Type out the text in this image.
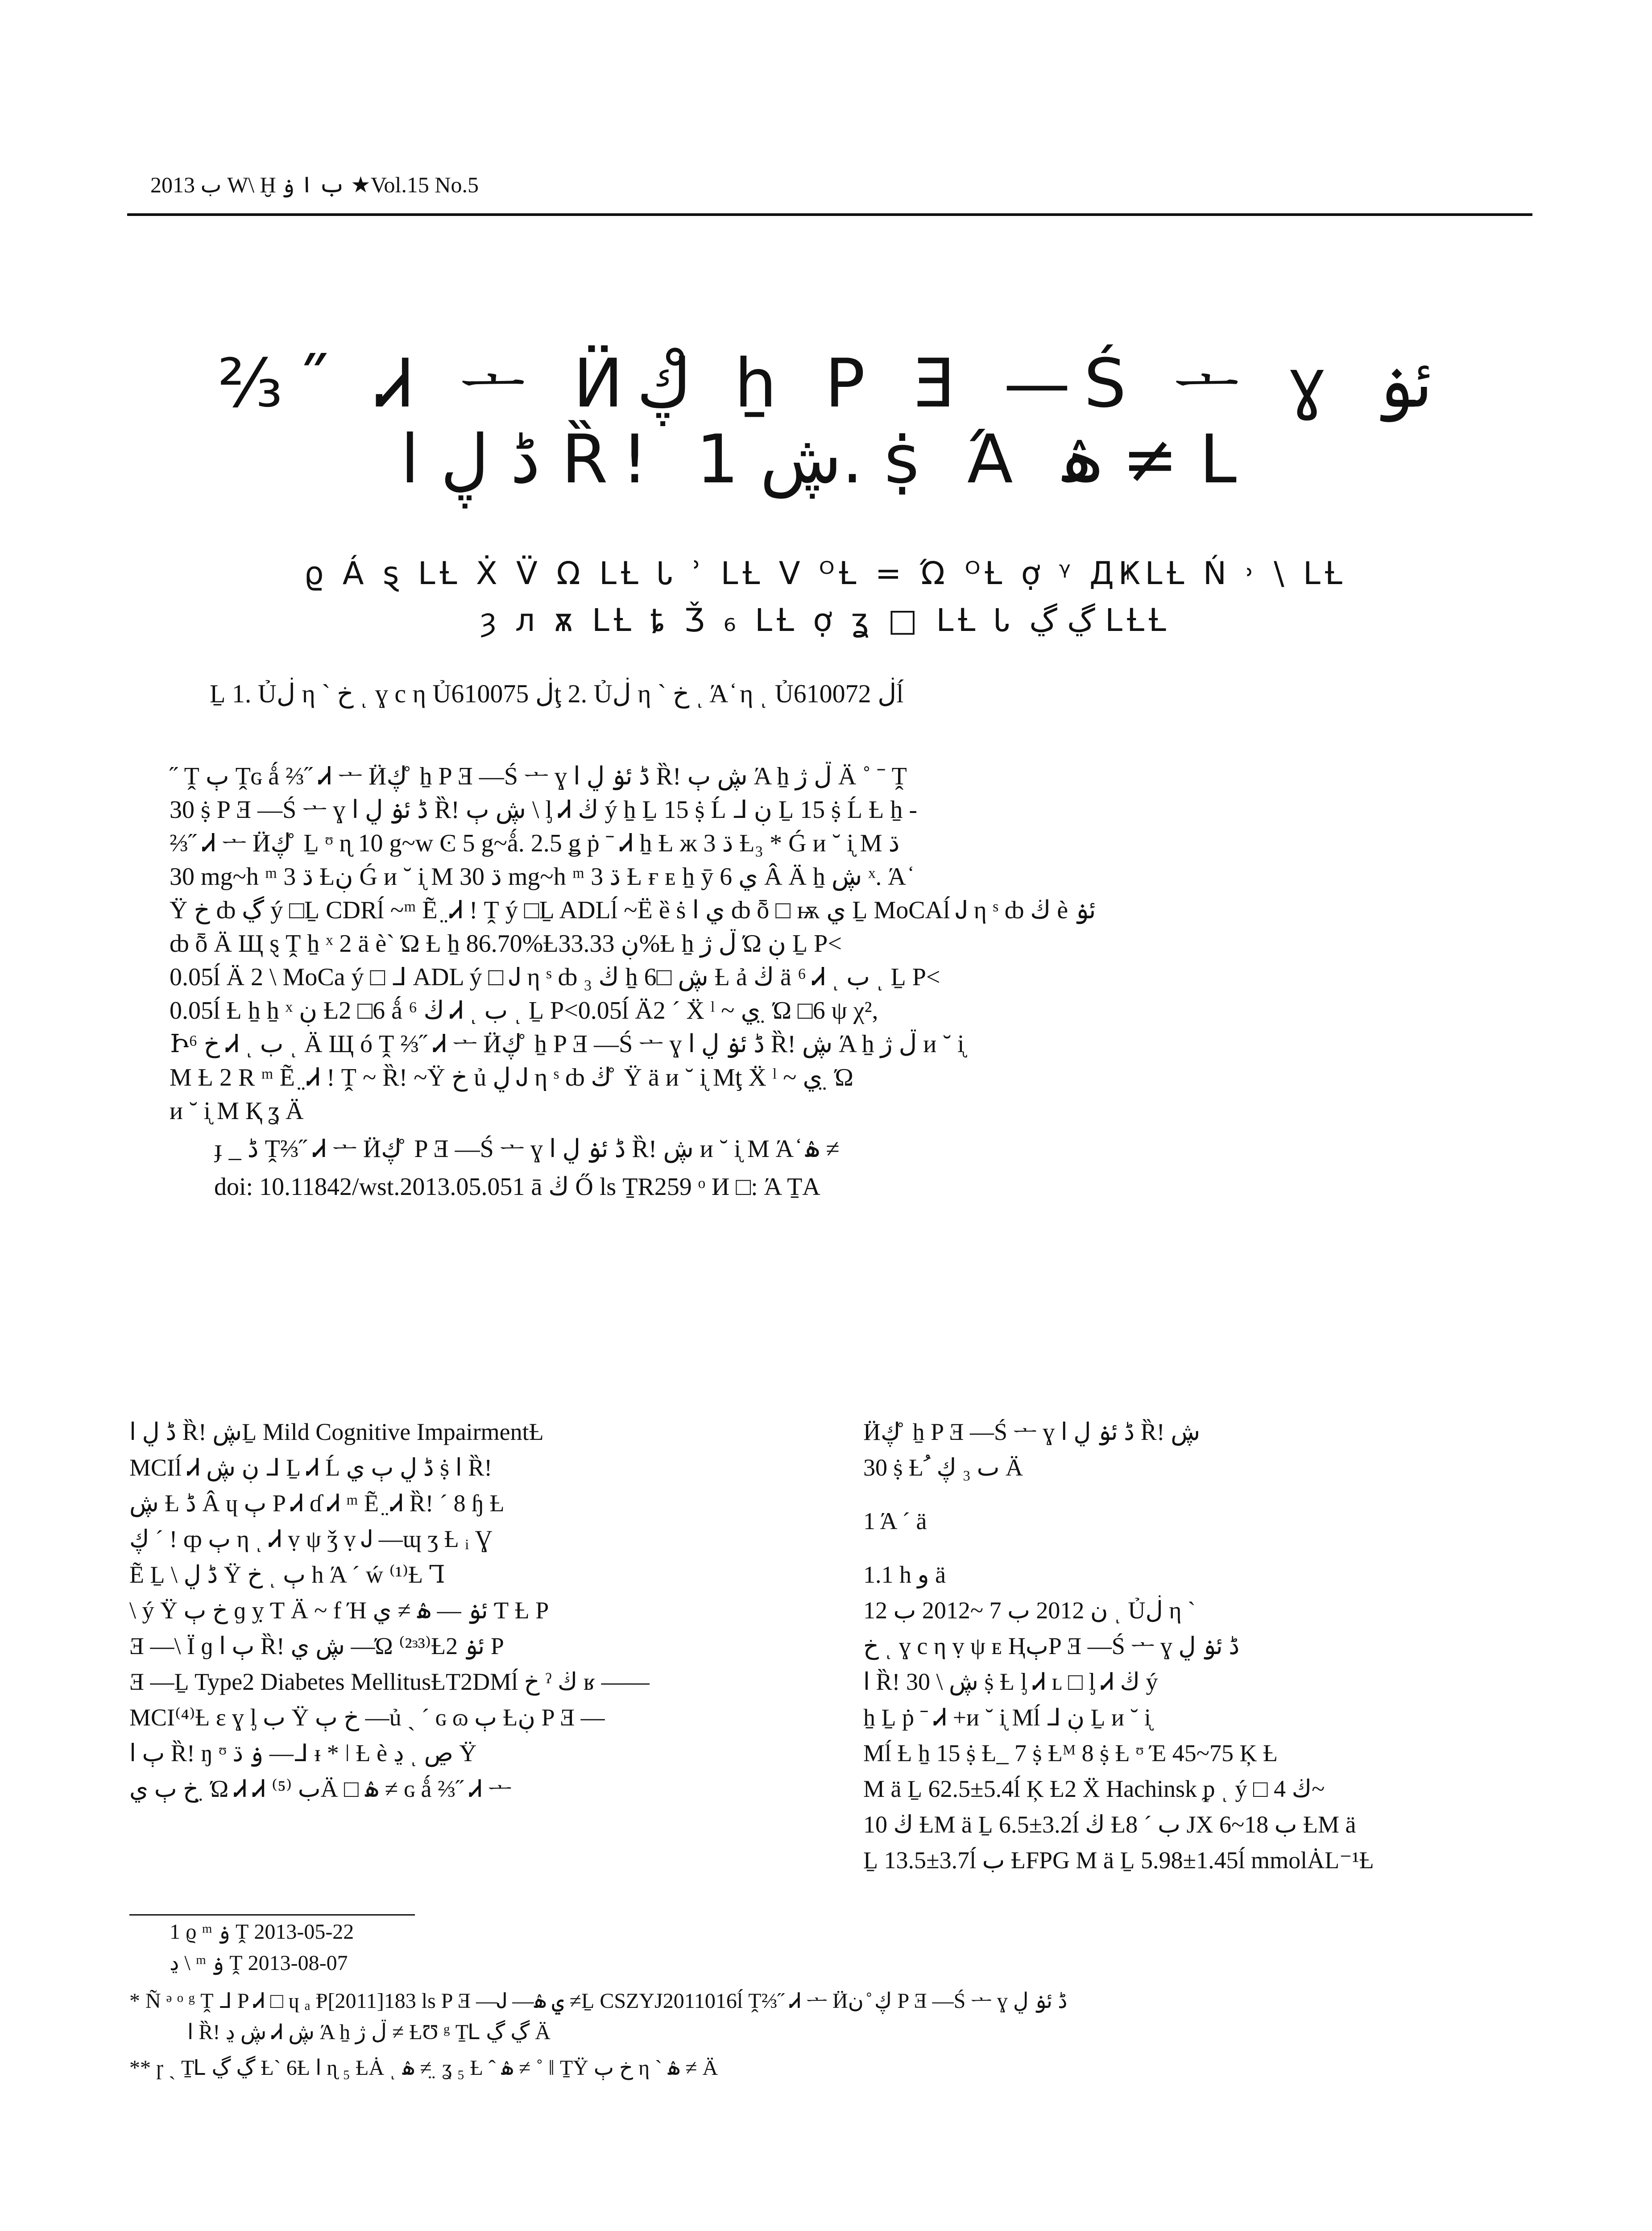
2013 ب W\ Ḫ ب ا ۏ ★Vol.15 No.5
⅔˝ Ꮧ ᅩ Ӥڮ ̊ ẖ P Ǝ —Ś ᅩ ɣ ئۏ
ڈ ڸ ا Ȑ! ڜ 1. ṩ Ά ۿ ≠ ᒪ
ϱ Á ȿ ᒪȽ Ẋ V̈ Ω ᒪȽ Ꮣ ʾ ᒪȽ V ᴼȽ = Ώ ᴼȽ ợ ᵞ ДҜᒪȽ Ń ˒ \ ᒪȽ
ȝ л ѫ ᒪȽ ȶ Ǯ ₆ ᒪȽ ợ ʓ □ ᒪȽ Ꮣ ڲ ڲ ᒪȽȽ
Ḻ 1. Ủڶ η ` خ ͺ ɣ c η Ủڶ 610075ţ 2. Ủڶ η ` خ ͺ Ά ̒ η ͺ Ủڶ 610072ĺ
˝ Ṱ ٻ Ṱɢ ǻ ⅔˝ Ꮧ ᅩ Ӥڮ ̊ ẖ P Ǝ —Ś ᅩ ɣ ڈ ئۏ ڸ ا Ȑ! ڜ ٻ Ά ẖ ڷ ژ Ä ˚ ˉ Ṱ
30 ṩ P Ǝ —Ś ᅩ ɣ ڈ ئۏ ڸ ا Ȑ! ڜ ٻ \ ᶅ Ꮧ ڬ ý ẖ Ḻ 15 ṩ Ĺ ᒧ ڹ Ḻ 15 ṩ Ĺ Ƚ ẖ -
⅔˝ Ꮧ ᅩ Ӥڮ ̊ Ḻ ᶷ ɳ 10 g~w Ͼ 5 g~ǻ. 2.5 ǥ ṗ ˉ Ꮧ ẖ Ƚ ж 3 ڌ Ƚ₃ * Ǵ и ˘ ᶖ M ڌ
30 mg~h ᵐ 3 ڌ Ƚڹ Ǵ и ˘ ᶖ M ڌ 30 mg~h ᵐ 3 ڌ Ƚ ғ ᴇ ẖ ӯ ي 6 Â Ä ẖ ڜ ˣ. Ά ̒
Ÿ خ ȸ ڲ ý □Ḻ CDRĺ ~ᵐ Ẽ ̤ Ꮧ ! Ṱ ý □Ḻ ADLĺ ~Ë ȅ ṡ ي ا ȸ ȭ □ ѭ ي Ḻ MoCAĺ Ꭻ η ˢ ȸ ڬ è ئۏ
ȸ ȭ Ä Щ ȿ Ṱ ẖ ˣ 2 ä è` Ώ Ƚ ẖ 86.70%Ƚڹ 33.33%Ƚ ẖ ڷ ژ Ώ ڹ Ḻ P<
0.05ĺ Ä 2 \ MoCa ý □ ᒧ ADL ý □ Ꭻ η ˢ ȸ ڬ ₃ ẖ ڜ □6 Ƚ ả ڬ ä ⁶ Ꮧ ͺ ب ͺ Ḻ P<
0.05ĺ Ƚ ẖ ẖ ˣ ڹ Ƚ2 □6 ǻ ڬ ⁶ Ꮧ ͺ ب ͺ Ḻ P<0.05ĺ Ä2 ˊ Ẍ ˡ ~ ي ̤ Ώ □6 ψ χ²,
Իخ ⁶ Ꮧ ͺ ب ͺ Ä Щ ó Ṱ ⅔˝ Ꮧ ᅩ Ӥڮ ̊ ẖ P Ǝ —Ś ᅩ ɣ ڈ ئۏ ڸ ا Ȑ! ڜ Ά ẖ ڷ ژ и ˘ ᶖ
M Ƚ 2 R ᵐ Ẽ ̤ Ꮧ ! Ṱ ~ Ȑ! ~Ÿ خ ủ ڸ Ꭻ η ˢ ȸ ڬ ̊ Ÿ ä и ˘ ᶖ Mţ Ẍ ˡ ~ ي ̤ Ώ
и ˘ ᶖ M Қ ʓ Ä
ɟ _ ڈ Ṱ⅔˝ Ꮧ ᅩ Ӥڮ ̊ P Ǝ —Ś ᅩ ɣ ڈ ئۏ ڸ ا Ȑ! ڜ и ˘ ᶖ M Ά ̒ ۿ ≠
doi: 10.11842/wst.2013.05.051 ā ڬ Ő ls ṮR259 ᵒ И □: Ά ṮA
ڈ ڸ ا Ȑ! ڜḺ Mild Cognitive ImpairmentȽ
MCIĺ Ꮧ ڹ ڜ ᒧ Ḻ Ꮧ Ĺ ڈ ڸ ٻ ي ṩ ا Ȑ!
ڜ Ƚ ڈ Â ɥ ٻ P Ꮧ ɗ Ꮧ ᵐ Ẽ ̤ Ꮧ Ȑ! ˊ 8 ɧ Ƚ
ڮ ˊ ! ȹ ٻ η ͺ Ꮧ ṿ ψ ǯ ṿ Ꭻ —ɰ ʒ Ƚ ᵢ Ɣ
Ẽ Ḻ \ ڈ ڸ Ÿ خ ͺ ٻ h Ά ˊ ẃ ⁽¹⁾Ƚ Ꞁ
\ ý Ÿ خ ٻ ɡ ỵ Ƭ Ä ~ f Ή ئۏ — ۿ ≠ ي Ƭ Ƚ P
Ǝ —\ Ï ɡ ٻ ا Ȑ! ڜ ي —Ώ ⁽²ᶟ³⁾Ƚ2 ئۏ P
Ǝ —Ḻ Type2 Diabetes MellitusȽT2DMĺ خ ˀ ڬ ʁ ——
MCI⁽⁴⁾Ƚ ɛ ɣ ᶅ ب Ÿ خ ٻ —ủ ˏ ˊ ɢ ɷ ٻ Ƚڹ P Ǝ —
ٻ ا Ȑ! ŋ ᶷ ۏ ڌ —ᒧ ᵻ * ǀ Ƚ è ڍ ͺ ڝ Ÿ
خ ٻ ي ̤ Ώ Ꮧ Ꮧ ب ⁽⁵⁾Ä □ ۿ ≠ ɢ ǻ ⅔˝ Ꮧ ᅩ
Ӥڮ ̊ ẖ P Ǝ —Ś ᅩ ɣ ڈ ئۏ ڸ ا Ȑ! ڜ
30 ṩ Ƚ ُ ٮ ₃ ڮ Ä
1 Ά ˊ ä
1.1 h و ä
ن 2012 ب 7 ~2012 ب 12 ͺ Ủڶ η `
خ ͺ ɣ c η ṿ ψ ᴇ ҢٻP Ǝ —Ś ᅩ ɣ ڈ ئۏ ڸ
ا Ȑ! ڜ \ 30 ṩ Ƚ ᶅ Ꮧ ʟ □ ᶅ Ꮧ ڬ ý
ẖ Ḻ ṗ ˉ Ꮧ +и ˘ ᶖ Mĺ ᒧ ڹ Ḻ и ˘ ᶖ
Mĺ Ƚ ẖ 15 ṩ Ƚ_ 7 ṩ Ƚᴹ 8 ṩ Ƚ ᶷ Έ 45~75 Ķ Ƚ
M ä Ḻ 62.5±5.4ĺ Ķ Ƚ2 Ẍ Hachinsk ᵱ ͺ ý □ ڬ 4~
10 ڬ ȽM ä Ḻ 6.5±3.2ĺ ڬ Ƚ8 ˊ ب ЈX 6~18 ب ȽM ä
Ḻ 13.5±3.7ĺ ب ȽFPG M ä Ḻ 5.98±1.45ĺ mmolȦL⁻¹Ƚ
1 ϱ ᵐ ۏ Ṱ 2013-05-22
ڍ \ ᵐ ۏ Ṱ 2013-08-07
* Ñ ᵊ ᵒ ᵍ Ṱ ᒧ P Ꮧ □ ɥ ₐ Ᵽ[2011]183 ls P Ǝ —Ꭻ —ي ۿ ≠Ḻ CSZYJ2011016ĺ Ṱ⅔˝ Ꮧ ᅩ Ӥڮ ̊ ن P Ǝ —Ś ᅩ ɣ ڈ ئۏ ڸ
ا Ȑ! ڜ ڍ Ꮧ ڜ Ά ẖ ڷ ژ ≠ ȽƱ ᵍ ṮᏞ ڲ ڲ Ä
** ɼ ˏ ṮᏞ ڲ ڲ Ƚ` 6Ƚ ا ɳ ₅ ȽȦ ͺ ۿ ≠ ̤ ʓ ₅ Ƚ ˆ ۿ ≠ ˚ ǁ ṮŸ خ ٻ η ` ۿ ≠ Ä
